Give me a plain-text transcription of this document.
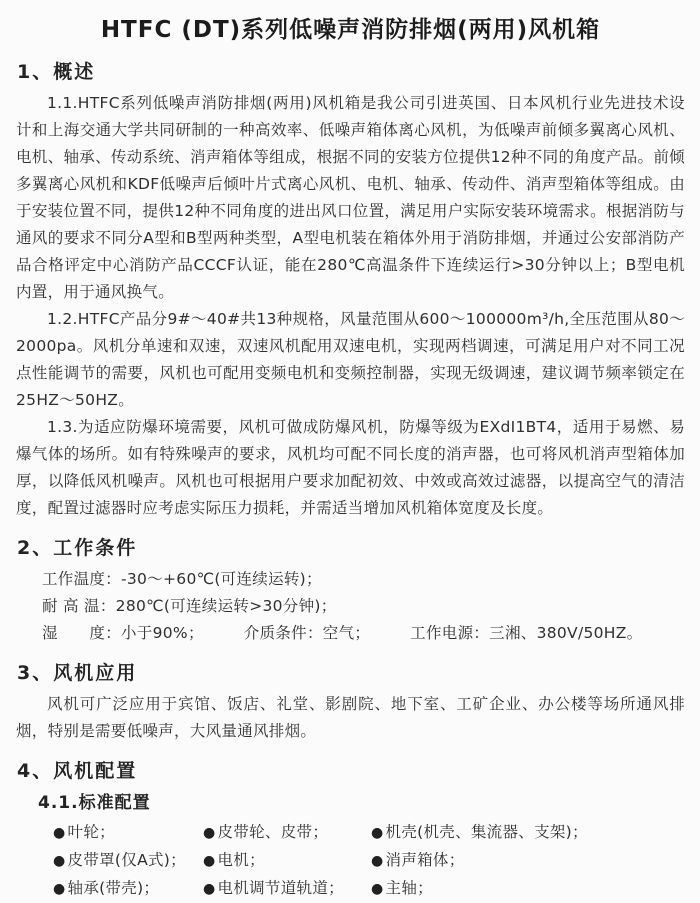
HTFC (DT)系列低噪声消防排烟(两用)风机箱
1、概述

1.1.HTFC系列低噪声消防排烟(两用)风机箱是我公司引进英国、日本风机行业先进技术设计和上海交通大学共同研制的一种高效率、低噪声箱体离心风机，为低噪声前倾多翼离心风机、电机、轴承、传动系统、消声箱体等组成，根据不同的安装方位提供12种不同的角度产品。前倾多翼离心风机和KDF低噪声后倾叶片式离心风机、电机、轴承、传动件、消声型箱体等组成。由于安装位置不同，提供12种不同角度的进出风口位置，满足用户实际安装环境需求。根据消防与通风的要求不同分A型和B型两种类型，A型电机装在箱体外用于消防排烟，并通过公安部消防产品合格评定中心消防产品CCCF认证，能在280℃高温条件下连续运行>30分钟以上；B型电机内置，用于通风换气。

1.2.HTFC产品分9#～40#共13种规格，风量范围从600～100000m³/h,全压范围从80～2000pa。风机分单速和双速，双速风机配用双速电机，实现两档调速，可满足用户对不同工况点性能调节的需要，风机也可配用变频电机和变频控制器，实现无级调速，建议调节频率锁定在25HZ～50HZ。

1.3.为适应防爆环境需要，风机可做成防爆风机，防爆等级为EXdI1BT4，适用于易燃、易爆气体的场所。如有特殊噪声的要求，风机均可配不同长度的消声器，也可将风机消声型箱体加厚，以降低风机噪声。风机也可根据用户要求加配初效、中效或高效过滤器，以提高空气的清洁度，配置过滤器时应考虑实际压力损耗，并需适当增加风机箱体宽度及长度。

2、工作条件
工作温度：-30～+60℃(可连续运转)；
耐 高 温：280℃(可连续运转>30分钟)；
湿　　度：小于90%；	介质条件：空气；	工作电源：三湘、380V/50HZ。
3、风机应用

风机可广泛应用于宾馆、饭店、礼堂、影剧院、地下室、工矿企业、办公楼等场所通风排烟，特别是需要低噪声，大风量通风排烟。

4、风机配置
4.1.标准配置
● 叶轮；	● 皮带轮、皮带；	● 机壳(机壳、集流器、支架)；
● 皮带罩(仅A式)；	● 电机；	● 消声箱体；
● 轴承(带壳)；	● 电机调节道轨道；	● 主轴；
